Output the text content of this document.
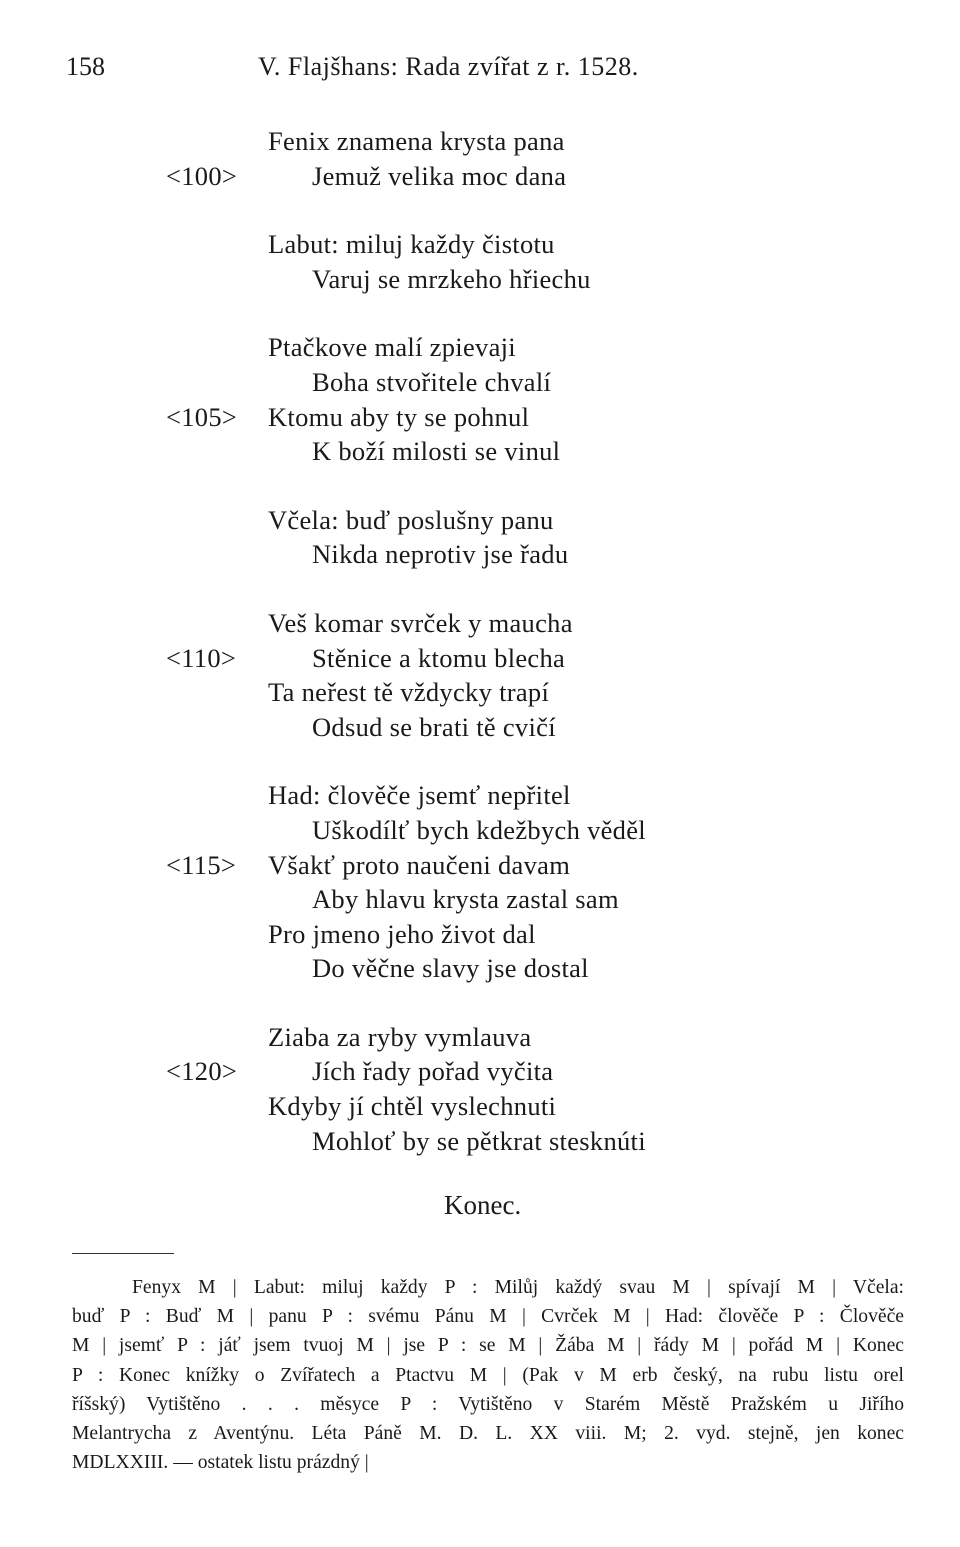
158	V. Flajšhans: Rada zvířat z r. 1528.
Fenix znamena krysta pana
<100>	Jemuž velika moc dana
Labut: miluj každy čistotu
Varuj se mrzkeho hřiechu
Ptačkove malí zpievaji
Boha stvořitele chvalí
<105> Ktomu aby ty se pohnul
K boží milosti se vinul
Včela: buď poslušny panu
Nikda neprotiv jse řadu
Veš komar svrček y maucha
<110>	Stěnice a ktomu blecha
Ta neřest tě vždycky trapí
Odsud se brati tě cvičí
Had: člověče jsemť nepřitel
Uškodílť bych kdežbych věděl
<115> Všakť proto naučeni davam
Aby hlavu krysta zastal sam
Pro jmeno jeho život dal
Do věčne slavy jse dostal
Ziaba za ryby vymlauva
<120>	Jích řady pořad vyčita
Kdyby jí chtěl vyslechnuti
Mohloť by se pětkrat stesknúti
Konec.
Fenyx M | Labut: miluj každy P : Milůj každý svau M | spívají M | Včela:
buď P : Buď M | panu P : svému Pánu M | Cvrček M | Had: člověče P : Člověče
M | jsemť P : jáť jsem tvuoj M | jse P : se M | Žába M | řády M | pořád M | Konec
P : Konec knížky o Zvířatech a Ptactvu M | (Pak v M erb český, na rubu listu orel
říšský) Vytištěno . . . měsyce P : Vytištěno v Starém Městě Pražském u Jiřího
Melantrycha z Aventýnu. Léta Páně M. D. L. XX viii. M; 2. vyd. stejně, jen konec
MDLXXIII. — ostatek listu prázdný |
